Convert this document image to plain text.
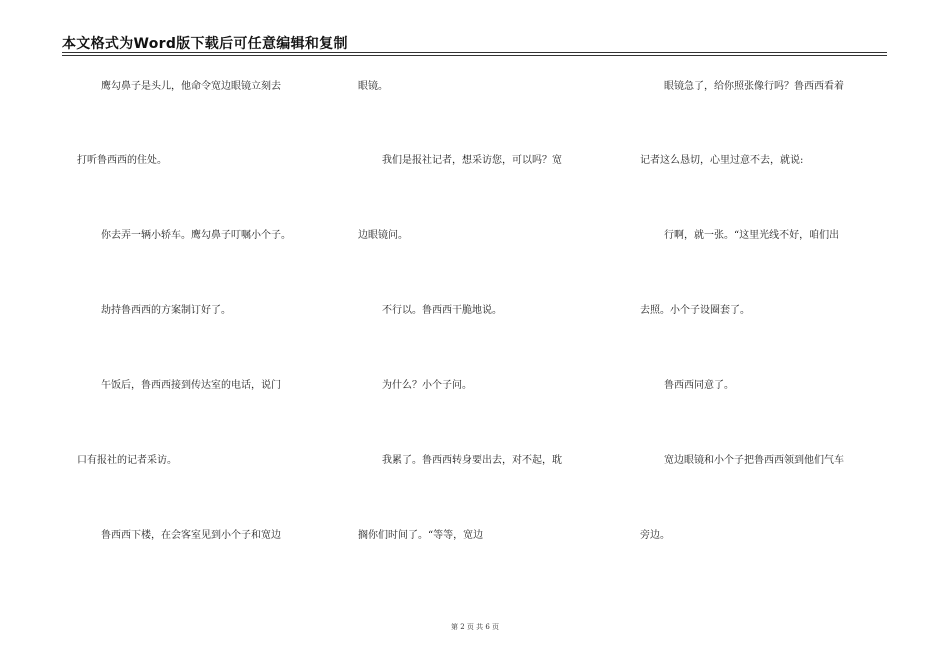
本文格式为Word版下载后可任意编辑和复制
鹰勾鼻子是头儿，他命令宽边眼镜立刻去
打听鲁西西的住处。
你去弄一辆小轿车。鹰勾鼻子叮嘱小个子。
劫持鲁西西的方案制订好了。
午饭后，鲁西西接到传达室的电话，说门
口有报社的记者采访。
鲁西西下楼，在会客室见到小个子和宽边
眼镜。
我们是报社记者，想采访您，可以吗？宽
边眼镜问。
不行以。鲁西西干脆地说。
为什么？小个子问。
我累了。鲁西西转身要出去，对不起，耽
搁你们时间了。“等等，宽边
眼镜急了，给你照张像行吗？鲁西西看着
记者这么恳切，心里过意不去，就说:
行啊，就一张。“这里光线不好，咱们出
去照。小个子设圈套了。
鲁西西同意了。
宽边眼镜和小个子把鲁西西领到他们气车
旁边。
第 2 页 共 6 页
